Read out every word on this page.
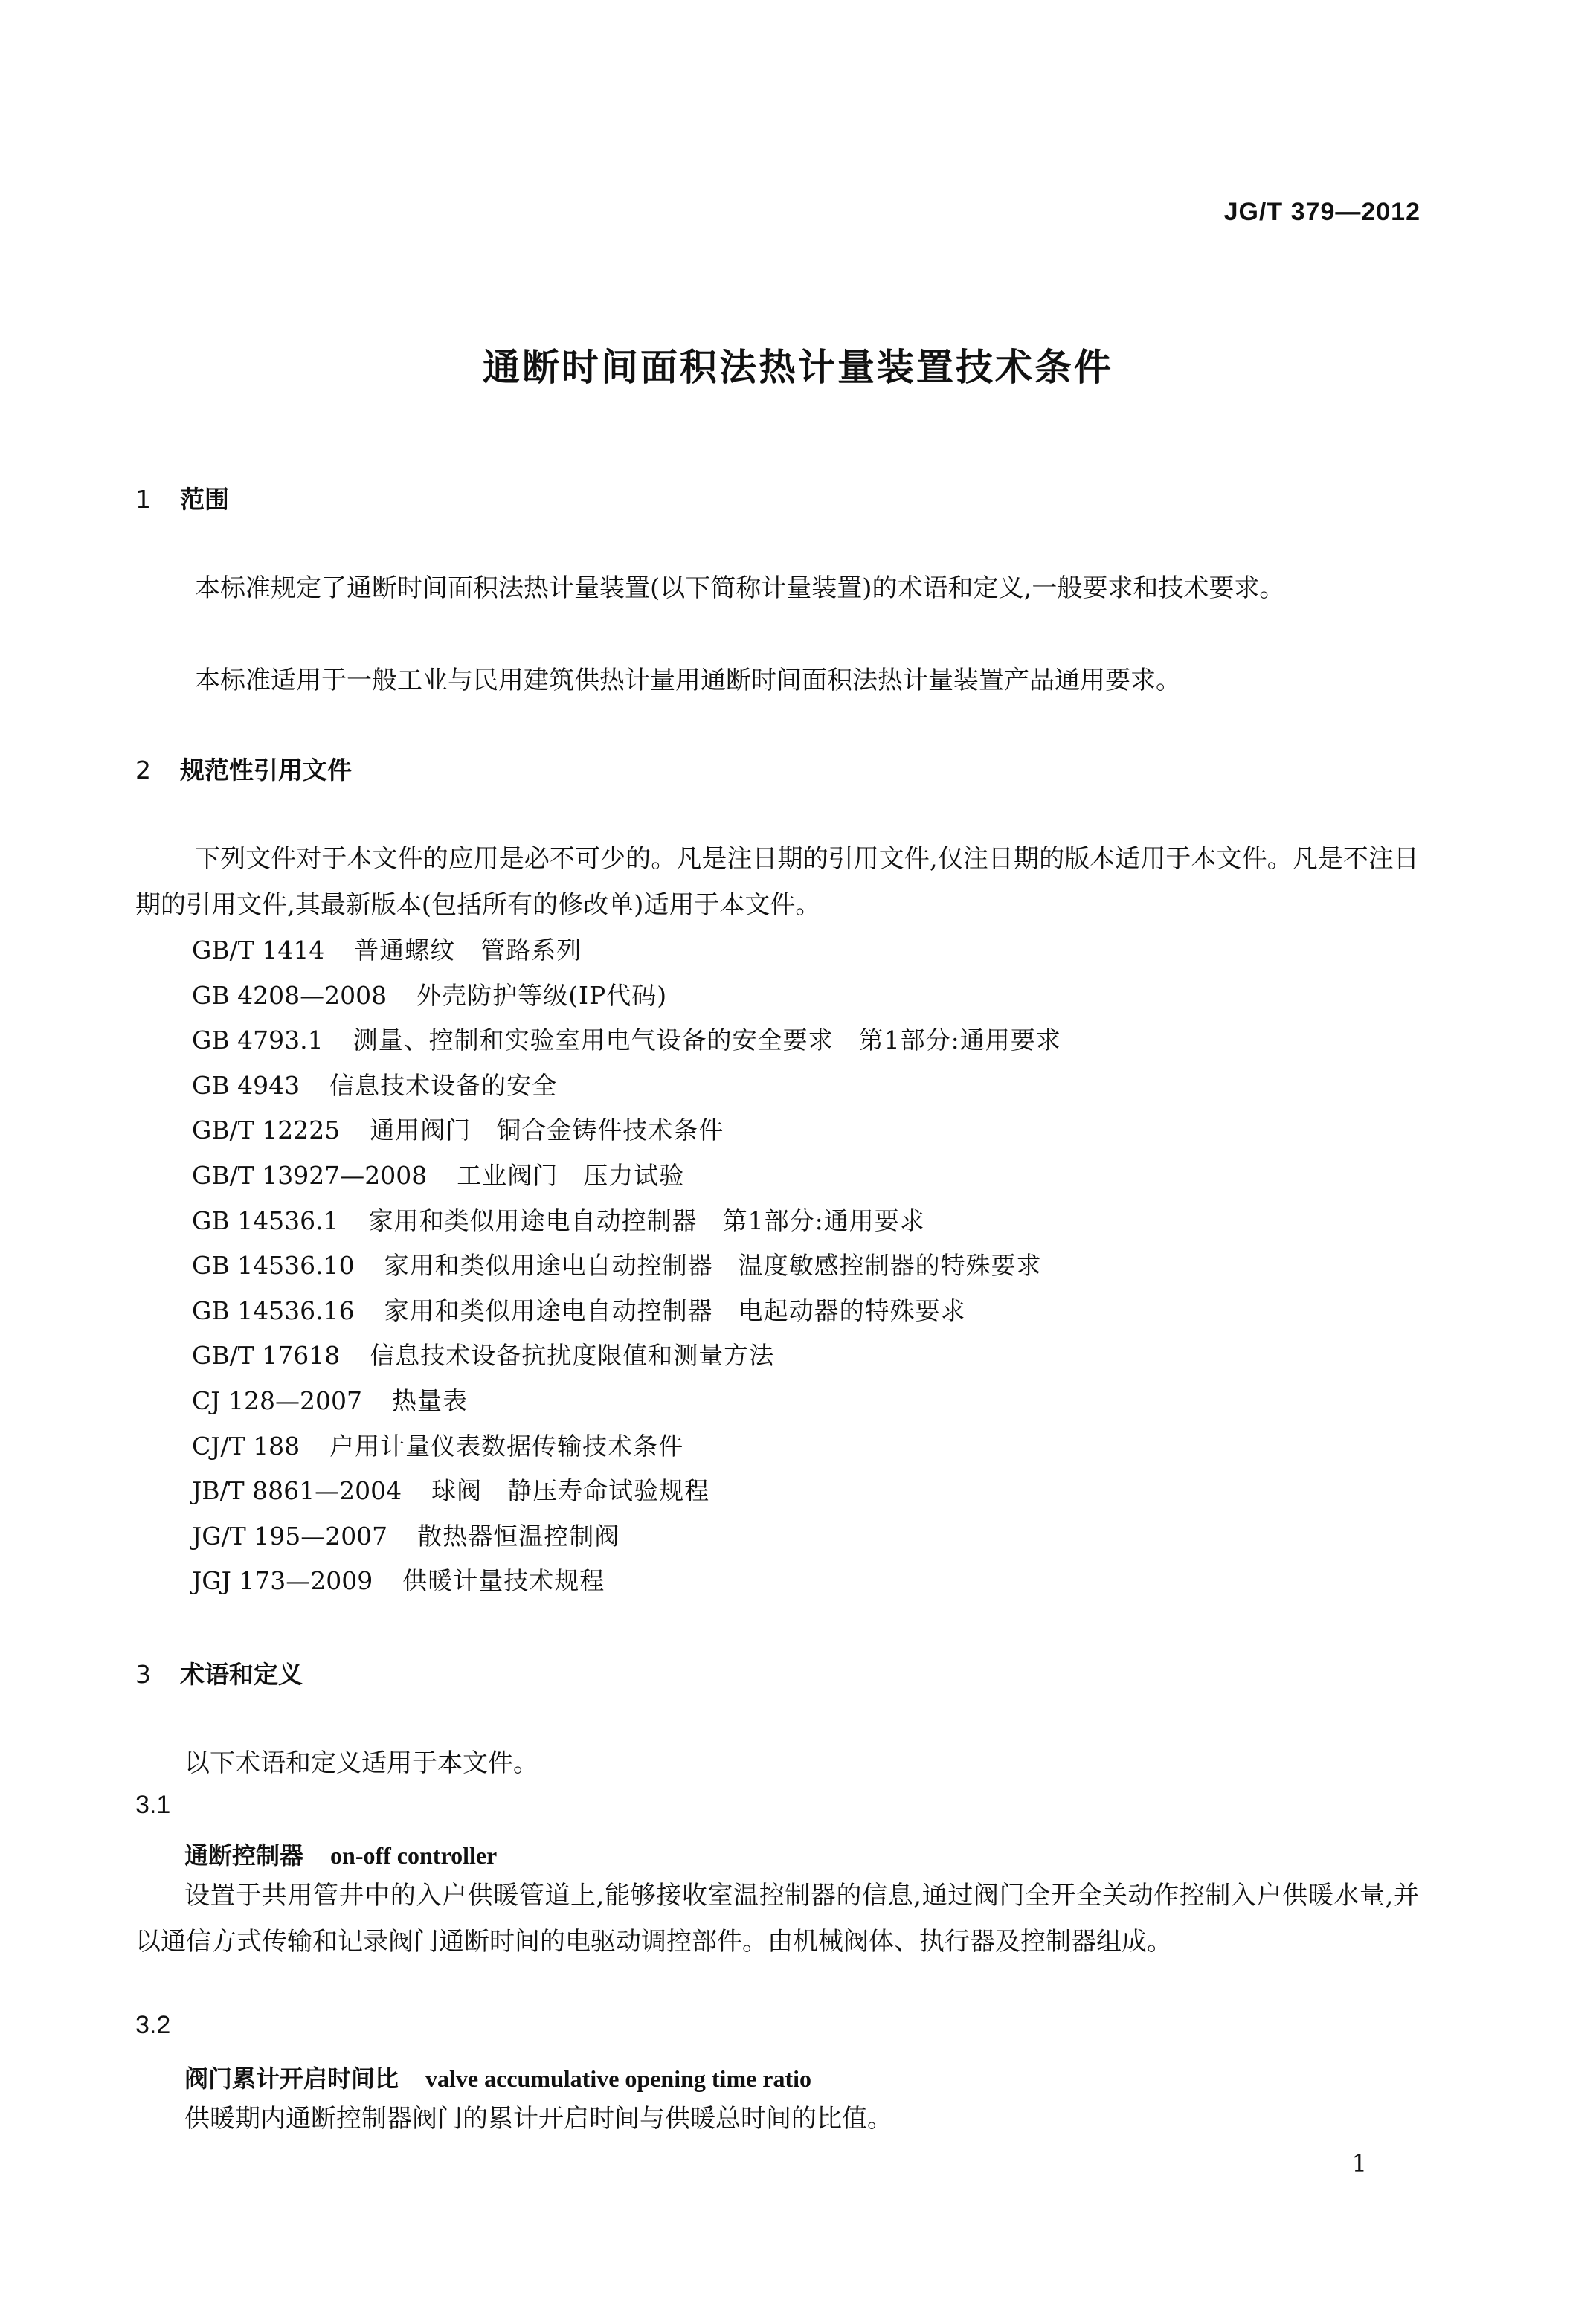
JG/T 379—2012
通断时间面积法热计量装置技术条件
1 范围

本标准规定了通断时间面积法热计量装置(以下简称计量装置)的术语和定义,一般要求和技术要求。

本标准适用于一般工业与民用建筑供热计量用通断时间面积法热计量装置产品通用要求。

2 规范性引用文件

下列文件对于本文件的应用是必不可少的。凡是注日期的引用文件,仅注日期的版本适用于本文件。凡是不注日期的引用文件,其最新版本(包括所有的修改单)适用于本文件。

GB/T 1414 普通螺纹　管路系列
GB 4208—2008 外壳防护等级(IP代码)
GB 4793.1 测量、控制和实验室用电气设备的安全要求　第1部分:通用要求
GB 4943 信息技术设备的安全
GB/T 12225 通用阀门　铜合金铸件技术条件
GB/T 13927—2008 工业阀门　压力试验
GB 14536.1 家用和类似用途电自动控制器　第1部分:通用要求
GB 14536.10 家用和类似用途电自动控制器　温度敏感控制器的特殊要求
GB 14536.16 家用和类似用途电自动控制器　电起动器的特殊要求
GB/T 17618 信息技术设备抗扰度限值和测量方法
CJ 128—2007 热量表
CJ/T 188 户用计量仪表数据传输技术条件
JB/T 8861—2004 球阀　静压寿命试验规程
JG/T 195—2007 散热器恒温控制阀
JGJ 173—2009 供暖计量技术规程
3 术语和定义

以下术语和定义适用于本文件。

3.1
通断控制器 on-off controller

设置于共用管井中的入户供暖管道上,能够接收室温控制器的信息,通过阀门全开全关动作控制入户供暖水量,并以通信方式传输和记录阀门通断时间的电驱动调控部件。由机械阀体、执行器及控制器组成。

3.2
阀门累计开启时间比 valve accumulative opening time ratio

供暖期内通断控制器阀门的累计开启时间与供暖总时间的比值。

1
